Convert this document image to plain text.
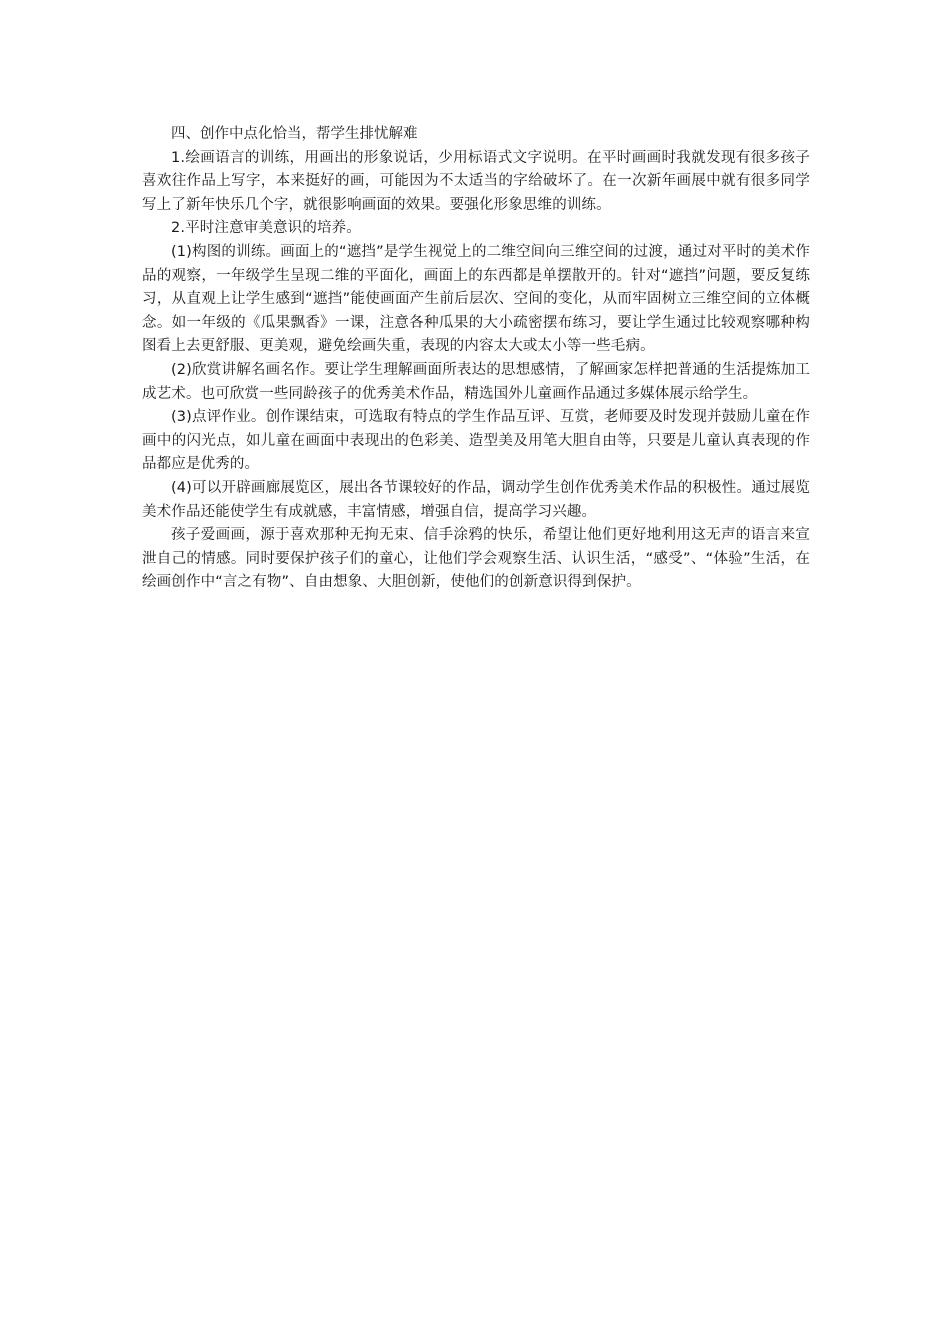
四、创作中点化恰当，帮学生排忧解难

1.绘画语言的训练，用画出的形象说话，少用标语式文字说明。在平时画画时我就发现有很多孩子喜欢往作品上写字，本来挺好的画，可能因为不太适当的字给破坏了。在一次新年画展中就有很多同学写上了新年快乐几个字，就很影响画面的效果。要强化形象思维的训练。

2.平时注意审美意识的培养。

(1)构图的训练。画面上的“遮挡”是学生视觉上的二维空间向三维空间的过渡，通过对平时的美术作品的观察，一年级学生呈现二维的平面化，画面上的东西都是单摆散开的。针对“遮挡”问题，要反复练习，从直观上让学生感到“遮挡”能使画面产生前后层次、空间的变化，从而牢固树立三维空间的立体概念。如一年级的《瓜果飘香》一课，注意各种瓜果的大小疏密摆布练习，要让学生通过比较观察哪种构图看上去更舒服、更美观，避免绘画失重，表现的内容太大或太小等一些毛病。

(2)欣赏讲解名画名作。要让学生理解画面所表达的思想感情，了解画家怎样把普通的生活提炼加工成艺术。也可欣赏一些同龄孩子的优秀美术作品，精选国外儿童画作品通过多媒体展示给学生。

(3)点评作业。创作课结束，可选取有特点的学生作品互评、互赏，老师要及时发现并鼓励儿童在作画中的闪光点，如儿童在画面中表现出的色彩美、造型美及用笔大胆自由等，只要是儿童认真表现的作品都应是优秀的。

(4)可以开辟画廊展览区，展出各节课较好的作品，调动学生创作优秀美术作品的积极性。通过展览美术作品还能使学生有成就感，丰富情感，增强自信，提高学习兴趣。

孩子爱画画，源于喜欢那种无拘无束、信手涂鸦的快乐，希望让他们更好地利用这无声的语言来宣泄自己的情感。同时要保护孩子们的童心，让他们学会观察生活、认识生活，“感受”、“体验”生活，在绘画创作中“言之有物”、自由想象、大胆创新，使他们的创新意识得到保护。
